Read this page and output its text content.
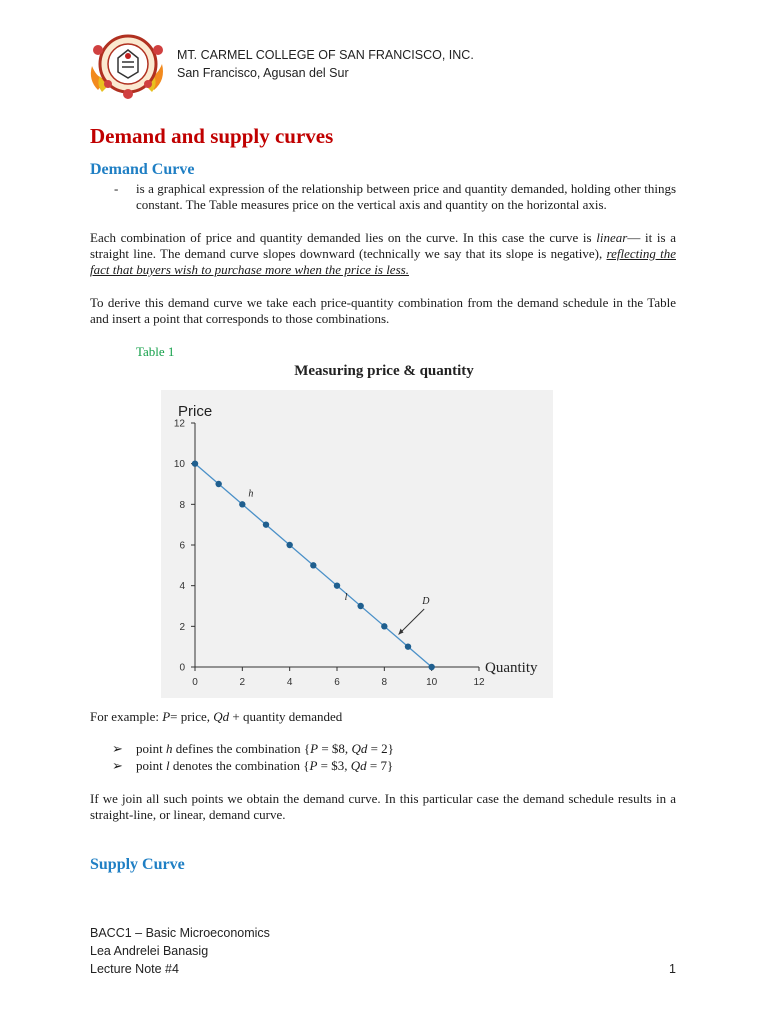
MT. CARMEL COLLEGE OF SAN FRANCISCO, INC.
San Francisco, Agusan del Sur
Demand and supply curves
Demand Curve
- is a graphical expression of the relationship between price and quantity demanded, holding other things constant. The Table measures price on the vertical axis and quantity on the horizontal axis.
Each combination of price and quantity demanded lies on the curve. In this case the curve is linear— it is a straight line. The demand curve slopes downward (technically we say that its slope is negative), reflecting the fact that buyers wish to purchase more when the price is less.
To derive this demand curve we take each price-quantity combination from the demand schedule in the Table and insert a point that corresponds to those combinations.
Table 1
Measuring price & quantity
0	2	4	6	8	10	12
0
2
4
6
8
10
12
h
l	D
Price
Quantity
For example: P= price, Qd + quantity demanded
➢ point h defines the combination {P = $8, Qd = 2}
➢ point l denotes the combination {P = $3, Qd = 7}
If we join all such points we obtain the demand curve. In this particular case the demand schedule results in a straight-line, or linear, demand curve.
Supply Curve
BACC1 – Basic Microeconomics
Lea Andrelei Banasig
Lecture Note #4	1
